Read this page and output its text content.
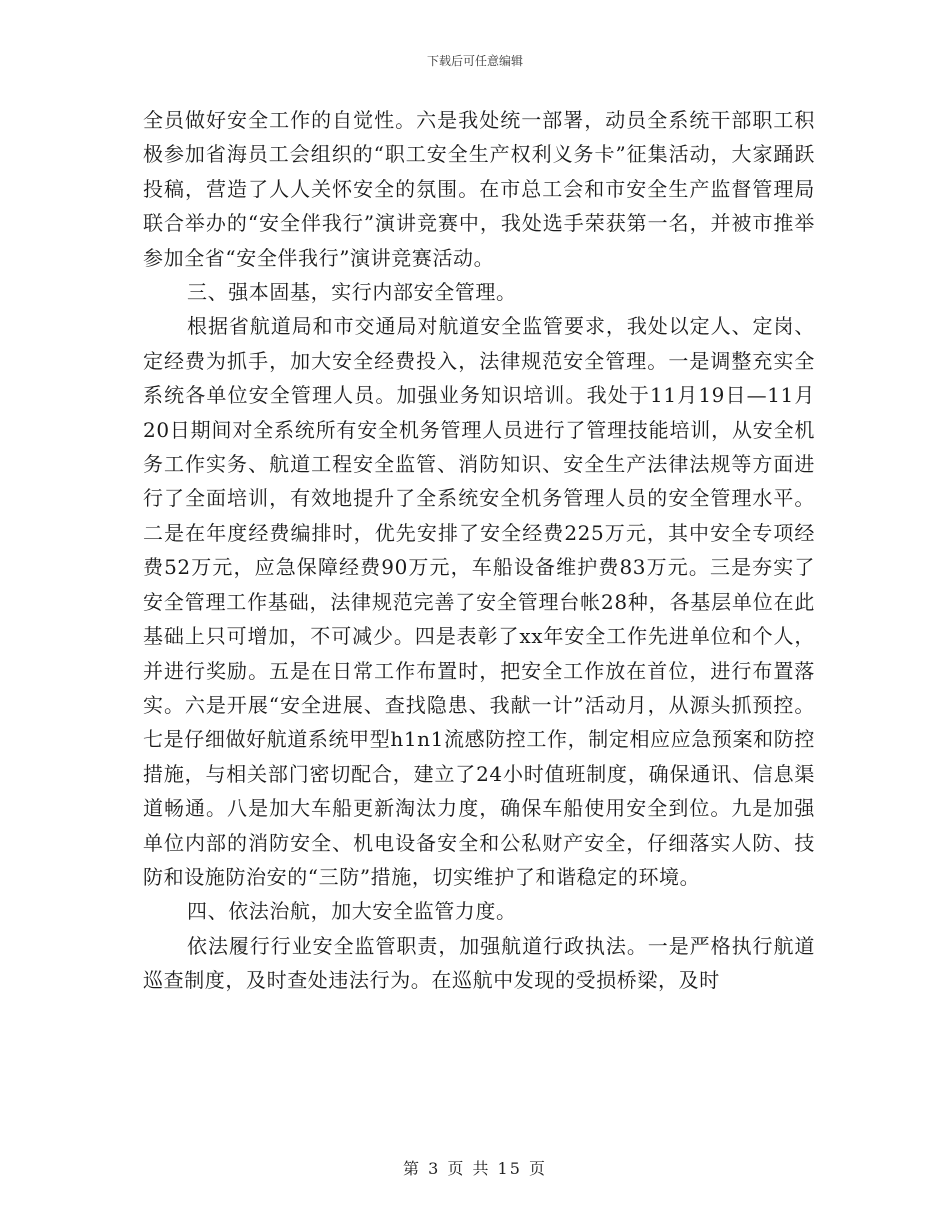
下载后可任意编辑

全员做好安全工作的自觉性。六是我处统一部署，动员全系统干部职工积极参加省海员工会组织的“职工安全生产权利义务卡”征集活动，大家踊跃投稿，营造了人人关怀安全的氛围。在市总工会和市安全生产监督管理局联合举办的“安全伴我行”演讲竞赛中，我处选手荣获第一名，并被市推举参加全省“安全伴我行”演讲竞赛活动。

三、强本固基，实行内部安全管理。

根据省航道局和市交通局对航道安全监管要求，我处以定人、定岗、定经费为抓手，加大安全经费投入，法律规范安全管理。一是调整充实全系统各单位安全管理人员。加强业务知识培训。我处于11月19日—11月20日期间对全系统所有安全机务管理人员进行了管理技能培训，从安全机务工作实务、航道工程安全监管、消防知识、安全生产法律法规等方面进行了全面培训，有效地提升了全系统安全机务管理人员的安全管理水平。二是在年度经费编排时，优先安排了安全经费225万元，其中安全专项经费52万元，应急保障经费90万元，车船设备维护费83万元。三是夯实了安全管理工作基础，法律规范完善了安全管理台帐28种，各基层单位在此基础上只可增加，不可减少。四是表彰了xx年安全工作先进单位和个人，并进行奖励。五是在日常工作布置时，把安全工作放在首位，进行布置落实。六是开展“安全进展、查找隐患、我献一计”活动月，从源头抓预控。七是仔细做好航道系统甲型h1n1流感防控工作，制定相应应急预案和防控措施，与相关部门密切配合，建立了24小时值班制度，确保通讯、信息渠道畅通。八是加大车船更新淘汰力度，确保车船使用安全到位。九是加强单位内部的消防安全、机电设备安全和公私财产安全，仔细落实人防、技防和设施防治安的“三防”措施，切实维护了和谐稳定的环境。

四、依法治航，加大安全监管力度。

依法履行行业安全监管职责，加强航道行政执法。一是严格执行航道巡查制度，及时查处违法行为。在巡航中发现的受损桥梁，及时

第 3 页 共 15 页
